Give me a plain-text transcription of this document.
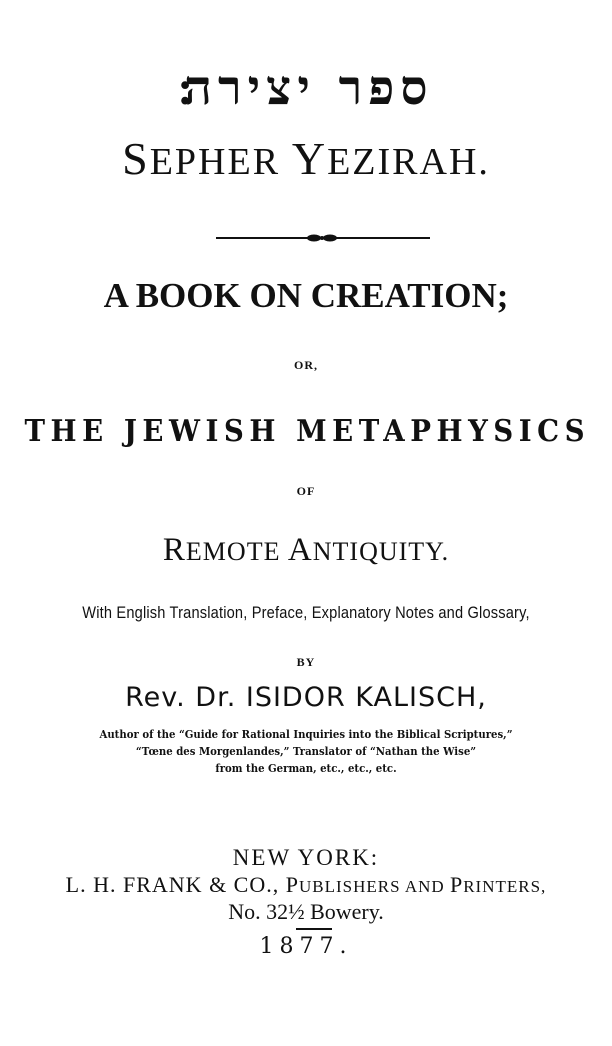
ספר יצירה׃
SEPHER YEZIRAH.
A BOOK ON CREATION;
OR,
THE JEWISH METAPHYSICS
OF
REMOTE ANTIQUITY.
With English Translation, Preface, Explanatory Notes and Glossary,
BY
Rev. Dr. ISIDOR KALISCH,
Author of the “Guide for Rational Inquiries into the Biblical Scriptures,”
“Tœne des Morgenlandes,” Translator of “Nathan the Wise”
from the German, etc., etc., etc.
NEW YORK:
L. H. FRANK & CO., PUBLISHERS AND PRINTERS,
No. 32½ Bowery.
1877.
